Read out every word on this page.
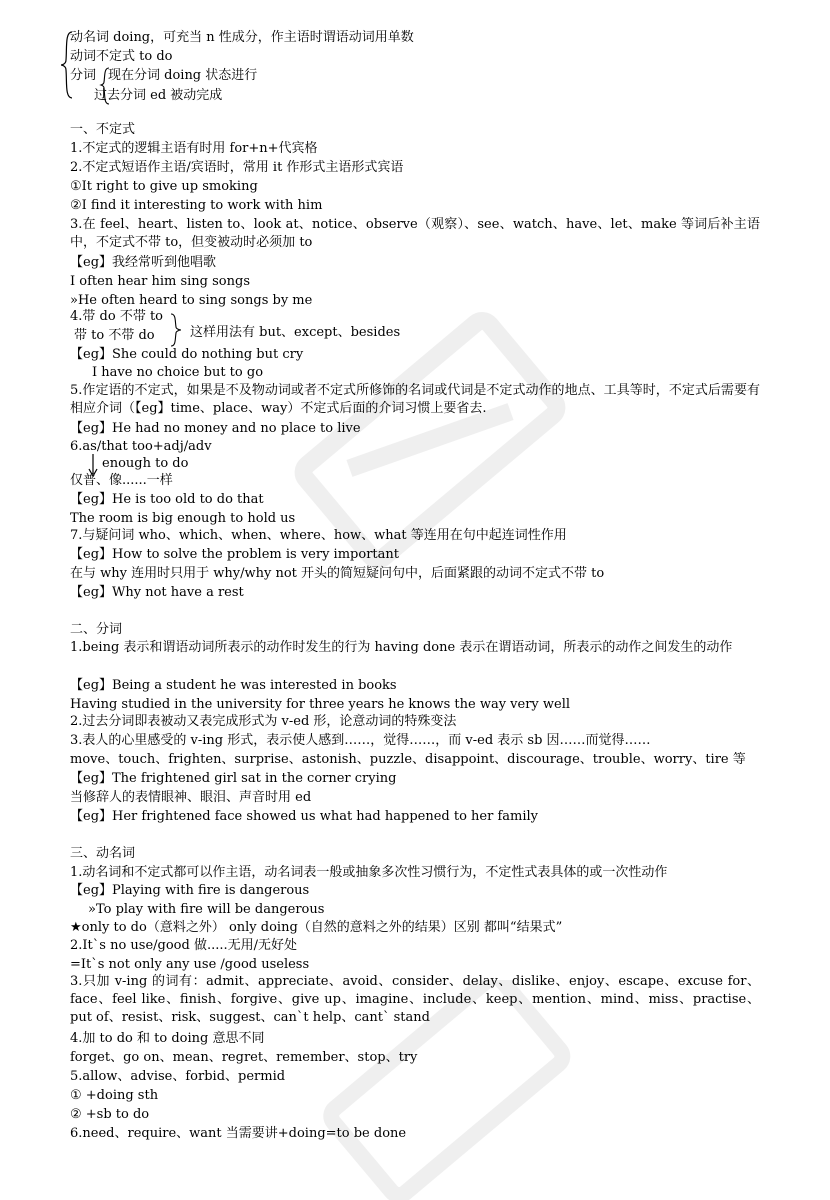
动名词 doing，可充当 n 性成分，作主语时谓语动词用单数
动词不定式 to do
分词 现在分词 doing 状态进行
过去分词 ed 被动完成
一、不定式
1.不定式的逻辑主语有时用 for+n+代宾格
2.不定式短语作主语/宾语时，常用 it 作形式主语形式宾语
①It right to give up smoking
②I find it interesting to work with him
3.在 feel、heart、listen to、look at、notice、observe（观察）、see、watch、have、let、make 等词后补主语中，不定式不带 to，但变被动时必须加 to
【eg】我经常听到他唱歌
I often hear him sing songs
»He often heard to sing songs by me
4.带 do 不带 to
带 to 不带 do	这样用法有 but、except、besides
【eg】She could do nothing but cry
I have no choice but to go
5.作定语的不定式，如果是不及物动词或者不定式所修饰的名词或代词是不定式动作的地点、工具等时，不定式后需要有相应介词（【eg】time、place、way）不定式后面的介词习惯上要省去.
【eg】He had no money and no place to live
6.as/that too+adj/adv
enough to do
仅普、像......一样
【eg】He is too old to do that
The room is big enough to hold us
7.与疑问词 who、which、when、where、how、what 等连用在句中起连词性作用
【eg】How to solve the problem is very important
在与 why 连用时只用于 why/why not 开头的简短疑问句中，后面紧跟的动词不定式不带 to
【eg】Why not have a rest
二、分词
1.being 表示和谓语动词所表示的动作时发生的行为 having done 表示在谓语动词，所表示的动作之间发生的动作
【eg】Being a student he was interested in books
Having studied in the university for three years he knows the way very well
2.过去分词即表被动又表完成形式为 v-ed 形，论意动词的特殊变法
3.表人的心里感受的 v-ing 形式，表示使人感到……，觉得……，而 v-ed 表示 sb 因……而觉得……
move、touch、frighten、surprise、astonish、puzzle、disappoint、discourage、trouble、worry、tire 等
【eg】The frightened girl sat in the corner crying
当修辞人的表情眼神、眼泪、声音时用 ed
【eg】Her frightened face showed us what had happened to her family
三、动名词
1.动名词和不定式都可以作主语，动名词表一般或抽象多次性习惯行为，不定性式表具体的或一次性动作
【eg】Playing with fire is dangerous
»To play with fire will be dangerous
★only to do（意料之外） only doing（自然的意料之外的结果）区别 都叫“结果式”
2.It`s no use/good 做.....无用/无好处
=It`s not only any use /good useless
3.只加 v-ing 的词有：admit、appreciate、avoid、consider、delay、dislike、enjoy、escape、excuse for、face、feel like、finish、forgive、give up、imagine、include、keep、mention、mind、miss、practise、put of、resist、risk、suggest、can`t help、cant` stand
4.加 to do 和 to doing 意思不同
forget、go on、mean、regret、remember、stop、try
5.allow、advise、forbid、permid
① +doing sth
② +sb to do
6.need、require、want 当需要讲+doing=to be done
